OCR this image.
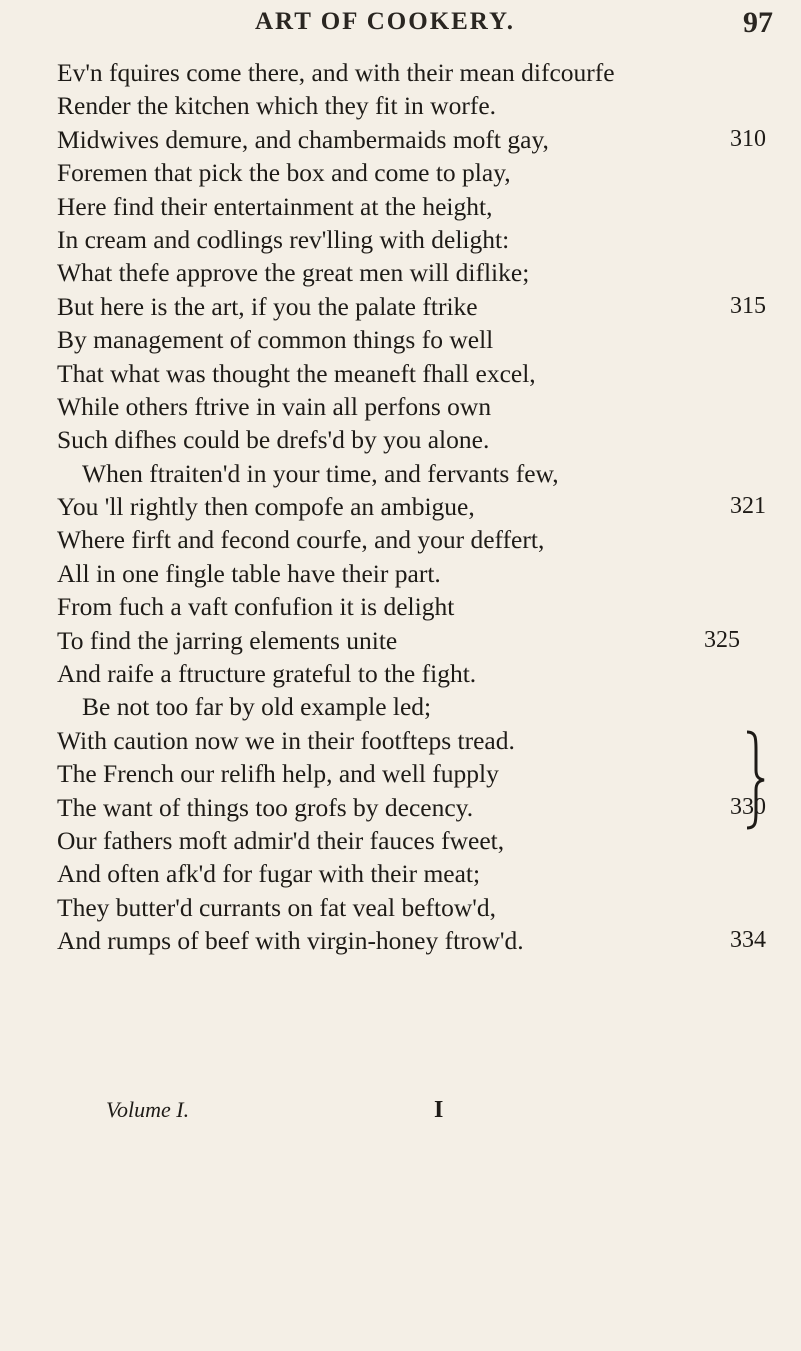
ART OF COOKERY.	97
Ev'n fquires come there, and with their mean difcourfe
Render the kitchen which they fit in worfe.
Midwives demure, and chambermaids moft gay,	310
Foremen that pick the box and come to play,
Here find their entertainment at the height,
In cream and codlings rev'lling with delight:
What thefe approve the great men will diflike;
But here is the art, if you the palate ftrike	315
By management of common things fo well
That what was thought the meaneft fhall excel,
While others ftrive in vain all perfons own
Such difhes could be drefs'd by you alone.
When ftraiten'd in your time, and fervants few,
You 'll rightly then compofe an ambigue,	321
Where firft and fecond courfe, and your deffert,
All in one fingle table have their part.
From fuch a vaft confufion it is delight
To find the jarring elements unite	325
And raife a ftructure grateful to the fight.
Be not too far by old example led;
With caution now we in their footfteps tread.
The French our relifh help, and well fupply
The want of things too grofs by decency.	330
Our fathers moft admir'd their fauces fweet,
And often afk'd for fugar with their meat;
They butter'd currants on fat veal beftow'd,
And rumps of beef with virgin-honey ftrow'd.	334
Volume I.	I
